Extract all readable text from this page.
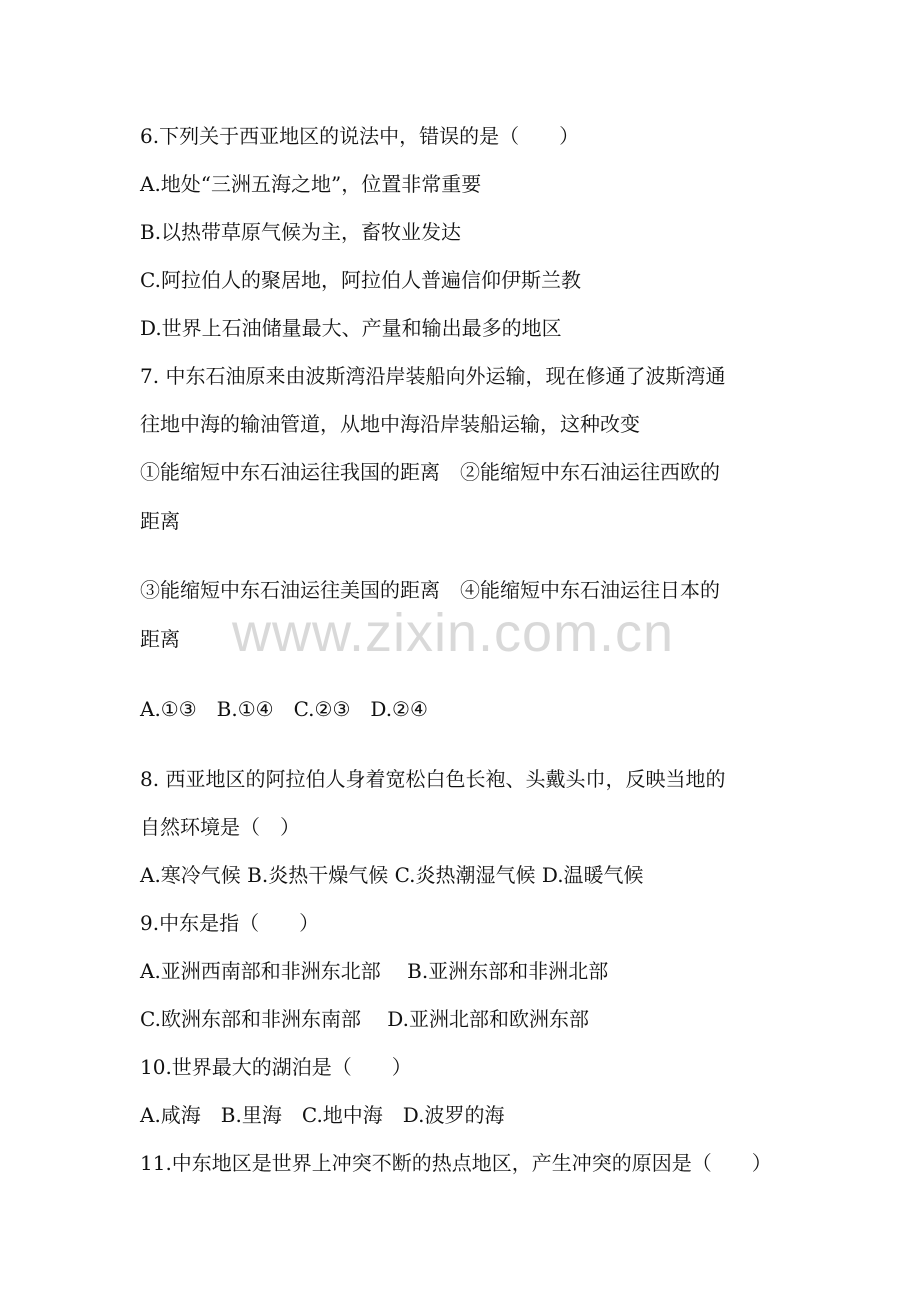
www.zixin.com.cn
6.下列关于西亚地区的说法中，错误的是（　　）
A.地处“三洲五海之地”，位置非常重要
B.以热带草原气候为主，畜牧业发达
C.阿拉伯人的聚居地，阿拉伯人普遍信仰伊斯兰教
D.世界上石油储量最大、产量和输出最多的地区
7. 中东石油原来由波斯湾沿岸装船向外运输，现在修通了波斯湾通
往地中海的输油管道，从地中海沿岸装船运输，这种改变
①能缩短中东石油运往我国的距离　②能缩短中东石油运往西欧的
距离
③能缩短中东石油运往美国的距离　④能缩短中东石油运往日本的
距离
A.①③　B.①④　C.②③　D.②④
8. 西亚地区的阿拉伯人身着宽松白色长袍、头戴头巾，反映当地的
自然环境是（　）
A.寒冷气候 B.炎热干燥气候 C.炎热潮湿气候 D.温暖气候
9.中东是指（　　）
A.亚洲西南部和非洲东北部　 B.亚洲东部和非洲北部
C.欧洲东部和非洲东南部　 D.亚洲北部和欧洲东部
10.世界最大的湖泊是（　　）
A.咸海　B.里海　C.地中海　D.波罗的海
11.中东地区是世界上冲突不断的热点地区，产生冲突的原因是（　　）
